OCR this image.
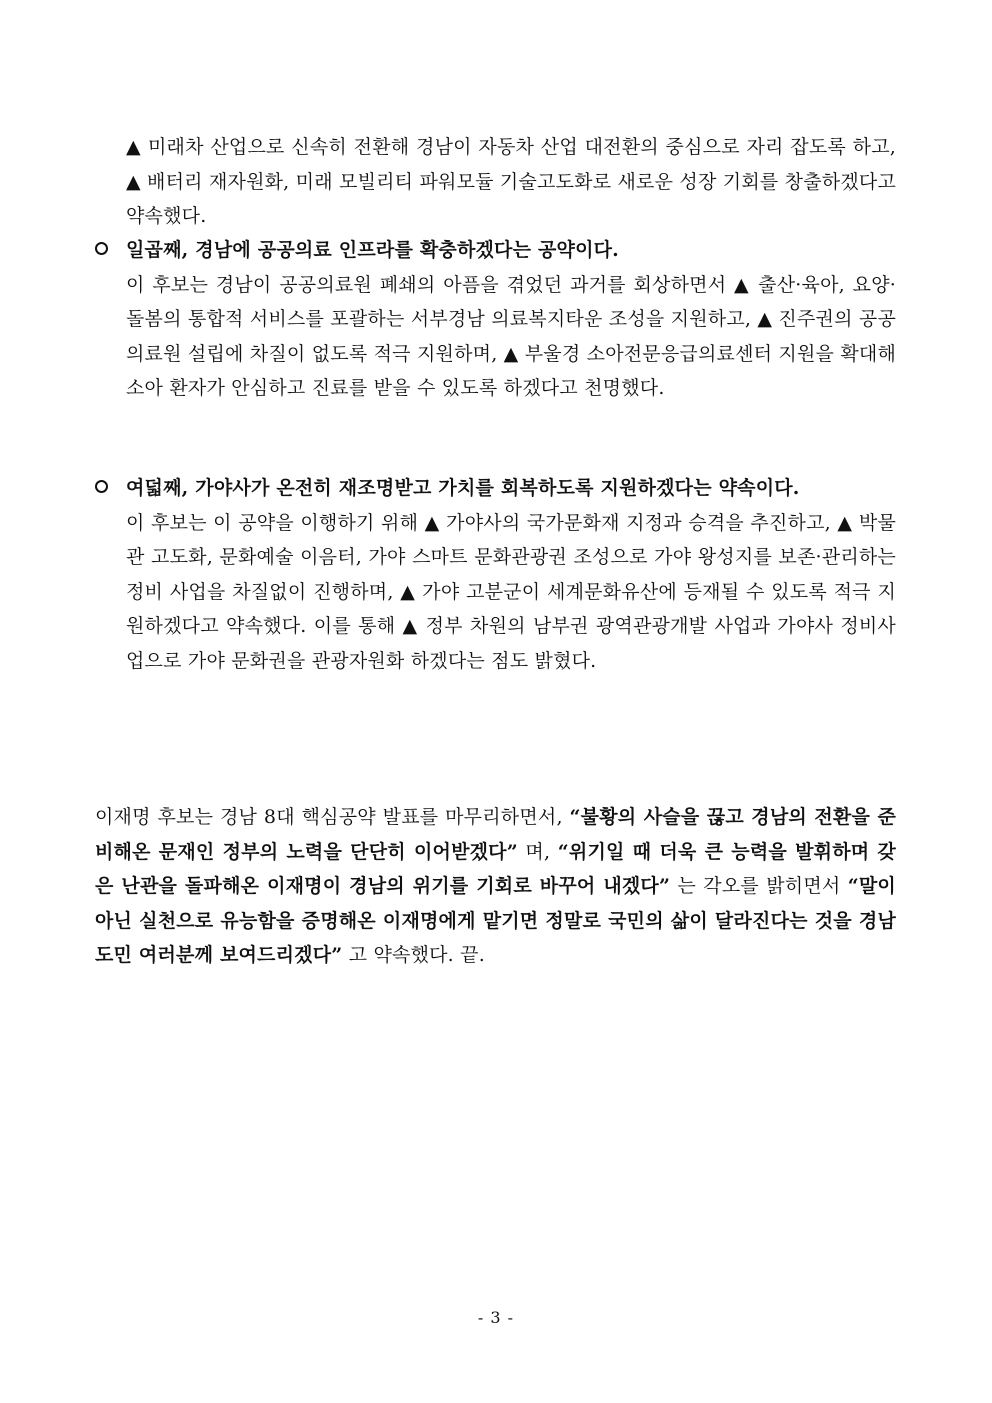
▲ 미래차 산업으로 신속히 전환해 경남이 자동차 산업 대전환의 중심으로 자리 잡도록 하고, ▲ 배터리 재자원화, 미래 모빌리티 파워모듈 기술고도화로 새로운 성장 기회를 창출하겠다고 약속했다.

일곱째, 경남에 공공의료 인프라를 확충하겠다는 공약이다.
이 후보는 경남이 공공의료원 폐쇄의 아픔을 겪었던 과거를 회상하면서 ▲ 출산·육아, 요양·돌봄의 통합적 서비스를 포괄하는 서부경남 의료복지타운 조성을 지원하고, ▲ 진주권의 공공의료원 설립에 차질이 없도록 적극 지원하며, ▲ 부울경 소아전문응급의료센터 지원을 확대해 소아 환자가 안심하고 진료를 받을 수 있도록 하겠다고 천명했다.
여덟째, 가야사가 온전히 재조명받고 가치를 회복하도록 지원하겠다는 약속이다.
이 후보는 이 공약을 이행하기 위해 ▲ 가야사의 국가문화재 지정과 승격을 추진하고, ▲ 박물관 고도화, 문화예술 이음터, 가야 스마트 문화관광권 조성으로 가야 왕성지를 보존·관리하는 정비 사업을 차질없이 진행하며, ▲ 가야 고분군이 세계문화유산에 등재될 수 있도록 적극 지원하겠다고 약속했다. 이를 통해 ▲ 정부 차원의 남부권 광역관광개발 사업과 가야사 정비사업으로 가야 문화권을 관광자원화 하겠다는 점도 밝혔다.

이재명 후보는 경남 8대 핵심공약 발표를 마무리하면서, “불황의 사슬을 끊고 경남의 전환을 준비해온 문재인 정부의 노력을 단단히 이어받겠다” 며, “위기일 때 더욱 큰 능력을 발휘하며 갖은 난관을 돌파해온 이재명이 경남의 위기를 기회로 바꾸어 내겠다” 는 각오를 밝히면서 “말이 아닌 실천으로 유능함을 증명해온 이재명에게 맡기면 정말로 국민의 삶이 달라진다는 것을 경남도민 여러분께 보여드리겠다” 고 약속했다. 끝.

- 3 -
